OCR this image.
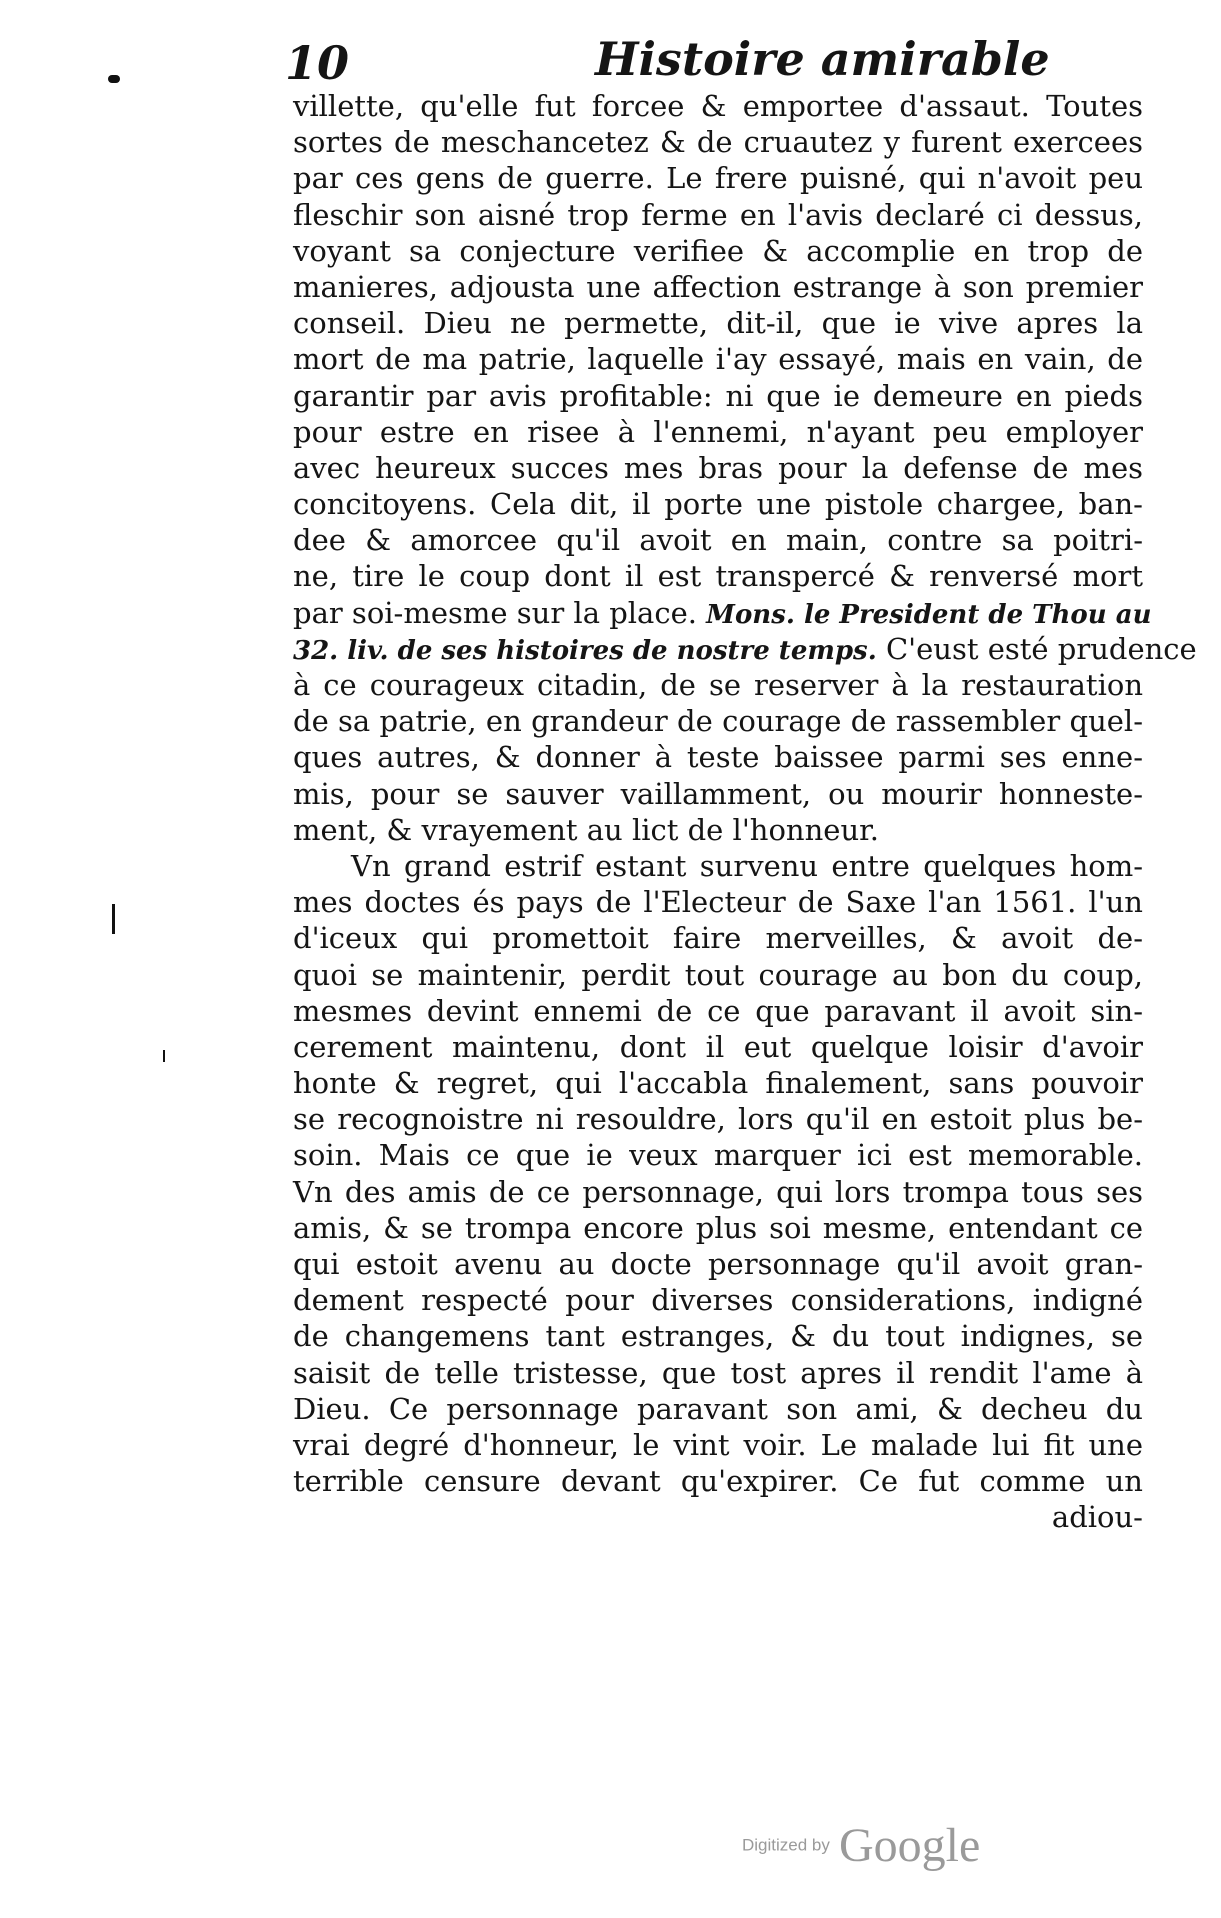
10	Histoire amirable
villette, qu'elle fut forcee & emportee d'assaut. Toutes
sortes de meschancetez & de cruautez y furent exercees
par ces gens de guerre. Le frere puisné, qui n'avoit peu
fleschir son aisné trop ferme en l'avis declaré ci dessus,
voyant sa conjecture verifiee & accomplie en trop de
manieres, adjousta une affection estrange à son premier
conseil. Dieu ne permette, dit-il, que ie vive apres la
mort de ma patrie, laquelle i'ay essayé, mais en vain, de
garantir par avis profitable: ni que ie demeure en pieds
pour estre en risee à l'ennemi, n'ayant peu employer
avec heureux succes mes bras pour la defense de mes
concitoyens. Cela dit, il porte une pistole chargee, ban-
dee & amorcee qu'il avoit en main, contre sa poitri-
ne, tire le coup dont il est transpercé & renversé mort
par soi-mesme sur la place. Mons. le President de Thou au
32. liv. de ses histoires de nostre temps. C'eust esté prudence
à ce courageux citadin, de se reserver à la restauration
de sa patrie, en grandeur de courage de rassembler quel-
ques autres, & donner à teste baissee parmi ses enne-
mis, pour se sauver vaillamment, ou mourir honneste-
ment, & vrayement au lict de l'honneur.
Vn grand estrif estant survenu entre quelques hom-
mes doctes és pays de l'Electeur de Saxe l'an 1561. l'un
d'iceux qui promettoit faire merveilles, & avoit de-
quoi se maintenir, perdit tout courage au bon du coup,
mesmes devint ennemi de ce que paravant il avoit sin-
cerement maintenu, dont il eut quelque loisir d'avoir
honte & regret, qui l'accabla finalement, sans pouvoir
se recognoistre ni resouldre, lors qu'il en estoit plus be-
soin. Mais ce que ie veux marquer ici est memorable.
Vn des amis de ce personnage, qui lors trompa tous ses
amis, & se trompa encore plus soi mesme, entendant ce
qui estoit avenu au docte personnage qu'il avoit gran-
dement respecté pour diverses considerations, indigné
de changemens tant estranges, & du tout indignes, se
saisit de telle tristesse, que tost apres il rendit l'ame à
Dieu. Ce personnage paravant son ami, & decheu du
vrai degré d'honneur, le vint voir. Le malade lui fit une
terrible censure devant qu'expirer. Ce fut comme un
adiou-
Digitized by Google
